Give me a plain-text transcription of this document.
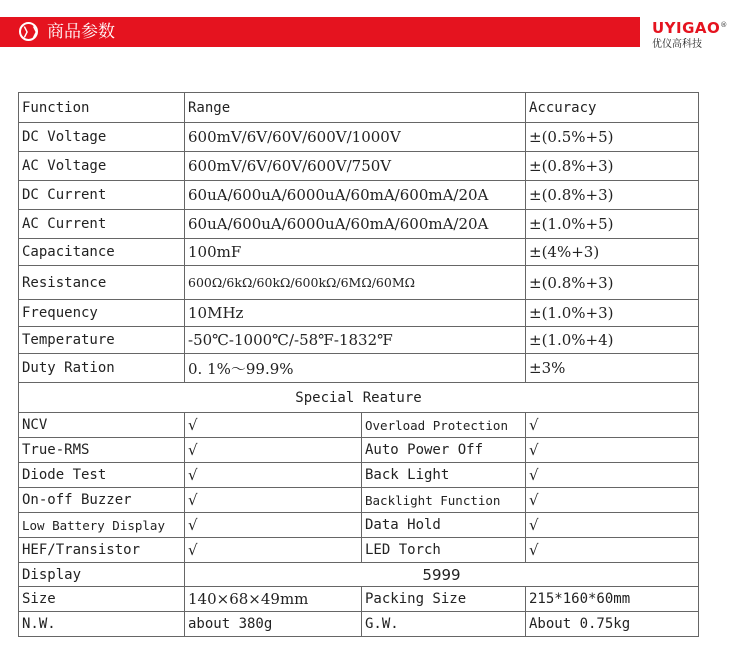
❭❭ 商品参数	UYIGAO®
优仪高科技
Function	Range		Accuracy
DC Voltage	600mV/6V/60V/600V/1000V		±(0.5%+5)
AC Voltage	600mV/6V/60V/600V/750V		±(0.8%+3)
DC Current	60uA/600uA/6000uA/60mA/600mA/20A		±(0.8%+3)
AC Current	60uA/600uA/6000uA/60mA/600mA/20A		±(1.0%+5)
Capacitance	100mF		±(4%+3)
Resistance	600Ω/6kΩ/60kΩ/600kΩ/6MΩ/60MΩ		±(0.8%+3)
Frequency	10MHz		±(1.0%+3)
Temperature	-50℃-1000℃/-58℉-1832℉		±(1.0%+4)
Duty Ration	0. 1%～99.9%		±3%
Special Reature			
NCV	√	Overload Protection	√
True-RMS	√	Auto Power Off	√
Diode Test	√	Back Light	√
On-off Buzzer	√	Backlight Function	√
Low Battery Display	√	Data Hold	√
HEF/Transistor	√	LED Torch	√
Display	5999		
Size	140×68×49mm	Packing Size	215*160*60mm
N.W.	about 380g	G.W.	About 0.75kg
